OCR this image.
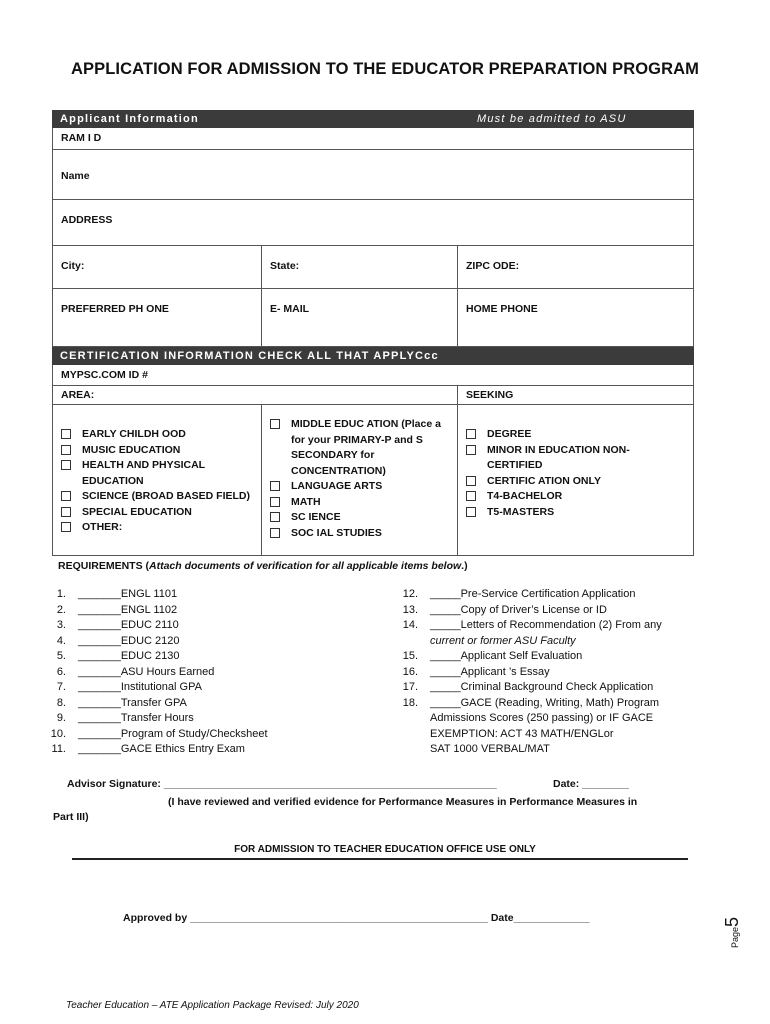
APPLICATION FOR ADMISSION TO THE EDUCATOR PREPARATION PROGRAM
Applicant Information	Must be admitted to ASU
RAM I D
Name
ADDRESS
City:	State:	ZIPC ODE:
PREFERRED PH ONE	E- MAIL	HOME PHONE
CERTIFICATION INFORMATION CHECK ALL THAT APPLYCcc
MYPSC.COM ID #
AREA:	SEEKING
EARLY CHILDH OOD
MUSIC EDUCATION
HEALTH AND PHYSICAL EDUCATION
SCIENCE (BROAD BASED FIELD)
SPECIAL EDUCATION
OTHER:
MIDDLE EDUC ATION (Place a for your PRIMARY-P and S SECONDARY for CONCENTRATION)
LANGUAGE ARTS
MATH
SC IENCE
SOC IAL STUDIES
DEGREE
MINOR IN EDUCATION NON-CERTIFIED
CERTIFIC ATION ONLY
T4-BACHELOR
T5-MASTERS
REQUIREMENTS (Attach documents of verification for all applicable items below.)
1. _______ENGL 1101
2. _______ENGL 1102
3. _______EDUC 2110
4. _______EDUC 2120
5. _______EDUC 2130
6. _______ASU Hours Earned
7. _______Institutional GPA
8. _______Transfer GPA
9. _______Transfer Hours
10. _______Program of Study/Checksheet
11. _______GACE Ethics Entry Exam
12. _____Pre-Service Certification Application
13. _____Copy of Driver’s License or ID
14. _____Letters of Recommendation (2) From any
current or former ASU Faculty
15. _____Applicant Self Evaluation
16. _____Applicant ’s Essay
17. _____Criminal Background Check Application
18. _____GACE (Reading, Writing, Math) Program
Admissions Scores (250 passing) or IF GACE
EXEMPTION: ACT 43 MATH/ENGLor
SAT 1000 VERBAL/MAT
Advisor Signature: _________________________________________________________	Date: ________
(I have reviewed and verified evidence for Performance Measures in Performance Measures in
Part III)
FOR ADMISSION TO TEACHER EDUCATION OFFICE USE ONLY
Approved by ___________________________________________________ Date_____________
Teacher Education – ATE Application Package Revised: July 2020
Page5
